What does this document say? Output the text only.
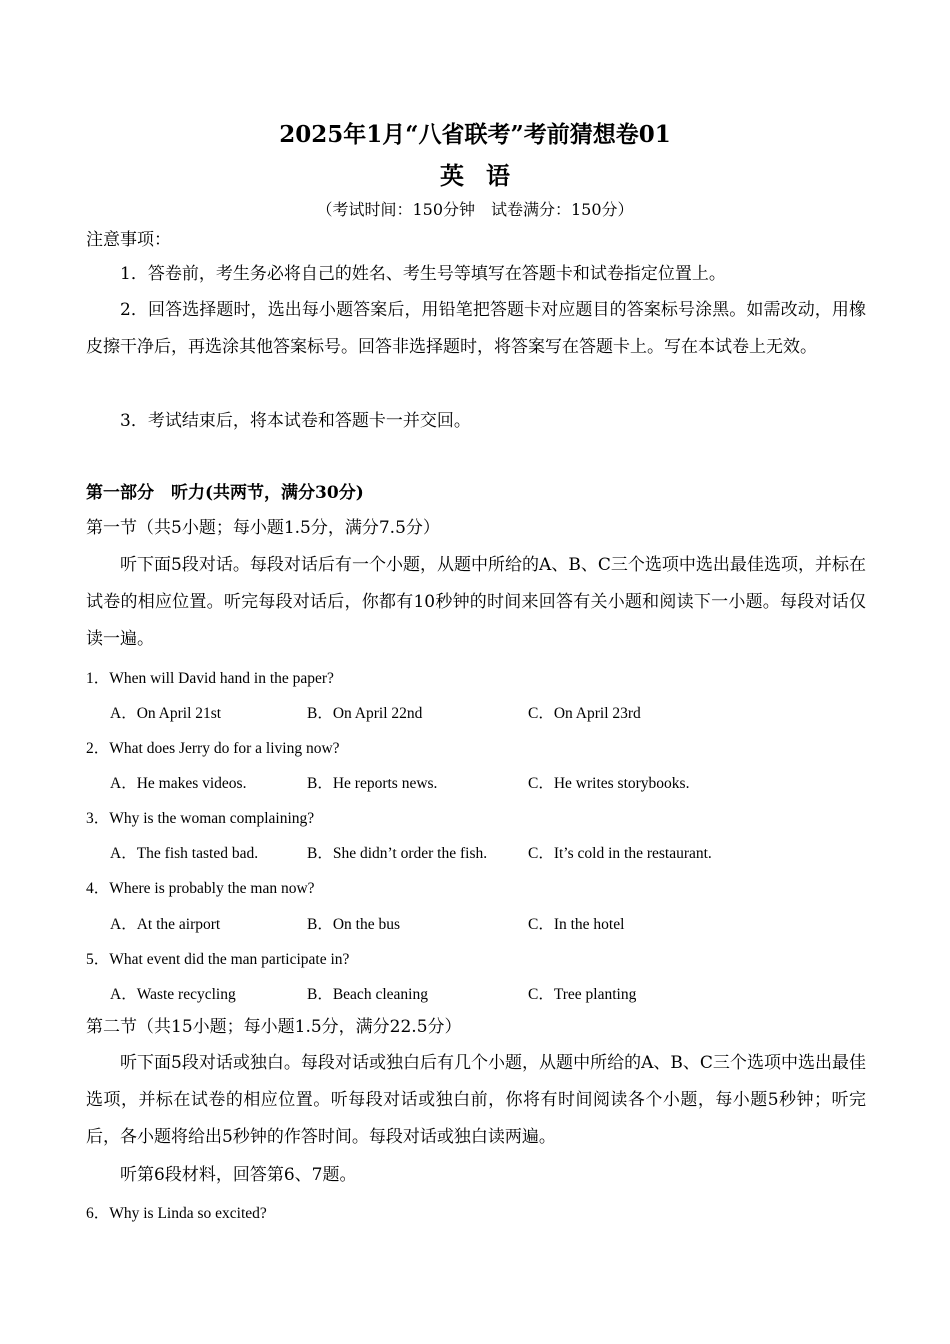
2025年1月“八省联考”考前猜想卷01
英语
（考试时间：150分钟　试卷满分：150分）
注意事项：
1．答卷前，考生务必将自己的姓名、考生号等填写在答题卡和试卷指定位置上。
2．回答选择题时，选出每小题答案后，用铅笔把答题卡对应题目的答案标号涂黑。如需改动，用橡皮擦干净后，再选涂其他答案标号。回答非选择题时，将答案写在答题卡上。写在本试卷上无效。
3．考试结束后，将本试卷和答题卡一并交回。
第一部分　听力(共两节，满分30分)
第一节（共5小题；每小题1.5分，满分7.5分）
听下面5段对话。每段对话后有一个小题，从题中所给的A、B、C三个选项中选出最佳选项，并标在试卷的相应位置。听完每段对话后，你都有10秒钟的时间来回答有关小题和阅读下一小题。每段对话仅读一遍。
1．When will David hand in the paper?
A．On April 21st	B．On April 22nd	C．On April 23rd
2．What does Jerry do for a living now?
A．He makes videos.	B．He reports news.	C．He writes storybooks.
3．Why is the woman complaining?
A．The fish tasted bad.	B．She didn’t order the fish.	C．It’s cold in the restaurant.
4．Where is probably the man now?
A．At the airport	B．On the bus	C．In the hotel
5．What event did the man participate in?
A．Waste recycling	B．Beach cleaning	C．Tree planting
第二节（共15小题；每小题1.5分，满分22.5分）
听下面5段对话或独白。每段对话或独白后有几个小题，从题中所给的A、B、C三个选项中选出最佳选项，并标在试卷的相应位置。听每段对话或独白前，你将有时间阅读各个小题，每小题5秒钟；听完后，各小题将给出5秒钟的作答时间。每段对话或独白读两遍。
听第6段材料，回答第6、7题。
6．Why is Linda so excited?
